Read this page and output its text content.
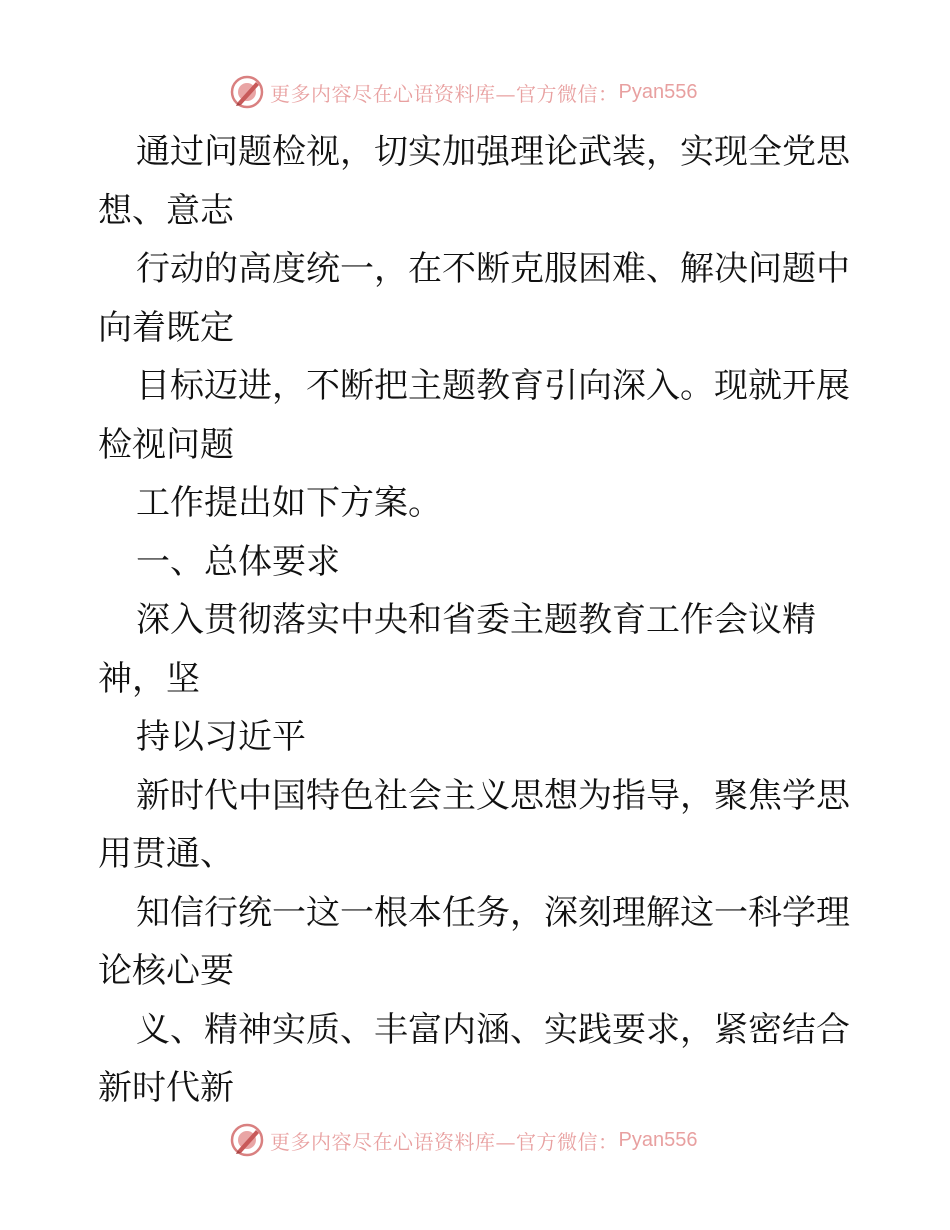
更多内容尽在心语资料库—官方微信： Pyan556
通过问题检视，切实加强理论武装，实现全党思
想、意志
行动的高度统一，在不断克服困难、解决问题中
向着既定
目标迈进，不断把主题教育引向深入。现就开展
检视问题
工作提出如下方案。
一、总体要求
深入贯彻落实中央和省委主题教育工作会议精
神，坚
持以习近平
新时代中国特色社会主义思想为指导，聚焦学思
用贯通、
知信行统一这一根本任务，深刻理解这一科学理
论核心要
义、精神实质、丰富内涵、实践要求，紧密结合
新时代新
更多内容尽在心语资料库—官方微信： Pyan556
